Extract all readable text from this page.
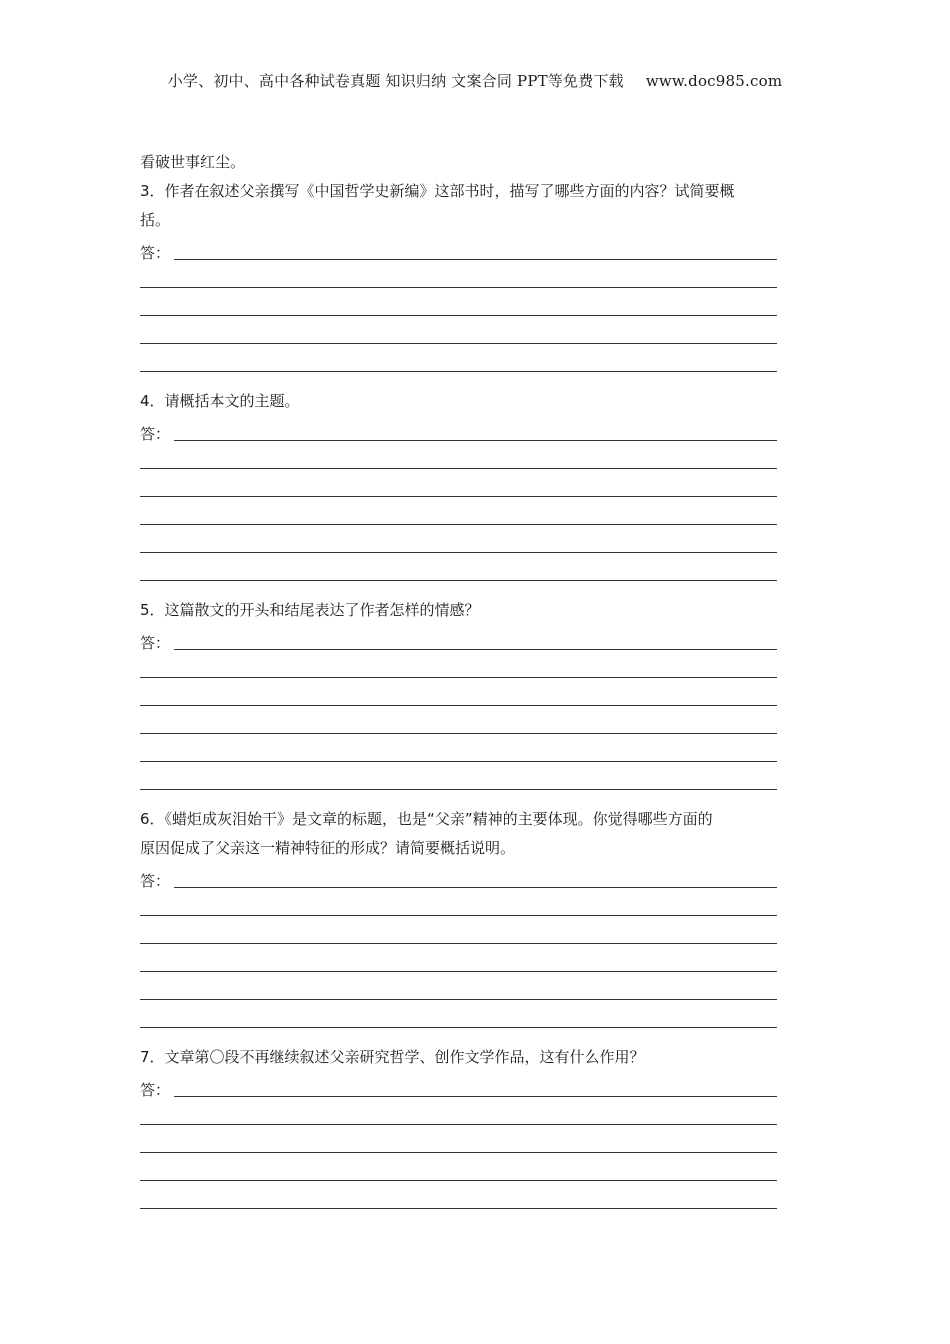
小学、初中、高中各种试卷真题 知识归纳 文案合同 PPT等免费下载 www.doc985.com
看破世事红尘。
3．作者在叙述父亲撰写《中国哲学史新编》这部书时，描写了哪些方面的内容？试简要概
括。
答：
4．请概括本文的主题。
答：
5．这篇散文的开头和结尾表达了作者怎样的情感？
答：
6．《蜡炬成灰泪始干》是文章的标题，也是“父亲”精神的主要体现。你觉得哪些方面的
原因促成了父亲这一精神特征的形成？请简要概括说明。
答：
7．文章第〇段不再继续叙述父亲研究哲学、创作文学作品，这有什么作用？
答：
